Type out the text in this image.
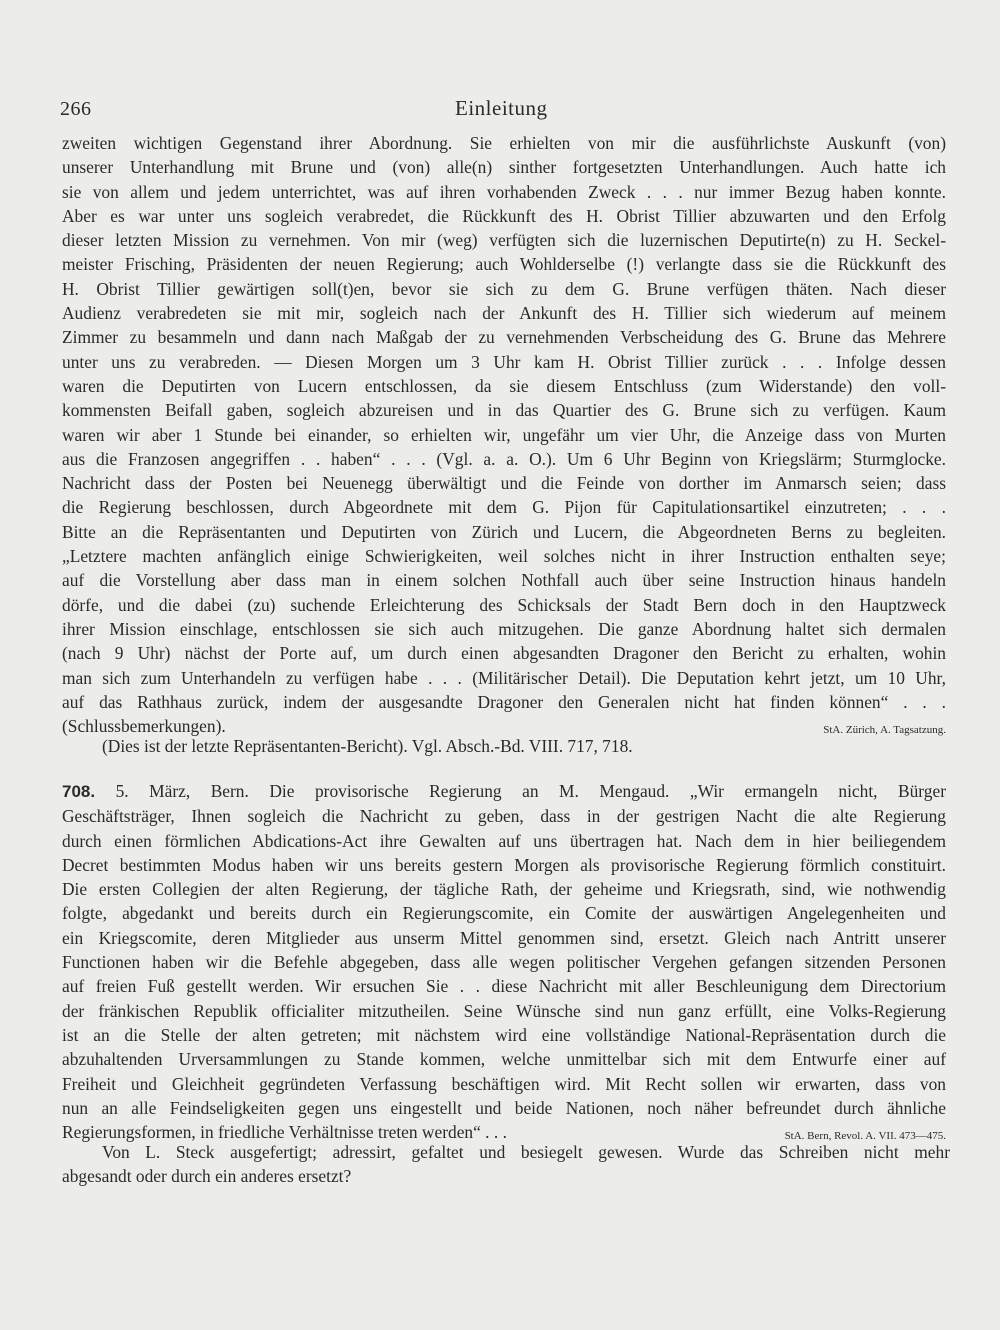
266	Einleitung
zweiten wichtigen Gegenstand ihrer Abordnung. Sie erhielten von mir die ausführlichste Auskunft (von)
unserer Unterhandlung mit Brune und (von) alle(n) sinther fortgesetzten Unterhandlungen. Auch hatte ich
sie von allem und jedem unterrichtet, was auf ihren vorhabenden Zweck . . . nur immer Bezug haben konnte.
Aber es war unter uns sogleich verabredet, die Rückkunft des H. Obrist Tillier abzuwarten und den Erfolg
dieser letzten Mission zu vernehmen. Von mir (weg) verfügten sich die luzernischen Deputirte(n) zu H. Seckel-
meister Frisching, Präsidenten der neuen Regierung; auch Wohlderselbe (!) verlangte dass sie die Rückkunft des
H. Obrist Tillier gewärtigen soll(t)en, bevor sie sich zu dem G. Brune verfügen thäten. Nach dieser
Audienz verabredeten sie mit mir, sogleich nach der Ankunft des H. Tillier sich wiederum auf meinem
Zimmer zu besammeln und dann nach Maßgab der zu vernehmenden Verbscheidung des G. Brune das Mehrere
unter uns zu verabreden. — Diesen Morgen um 3 Uhr kam H. Obrist Tillier zurück . . . Infolge dessen
waren die Deputirten von Lucern entschlossen, da sie diesem Entschluss (zum Widerstande) den voll-
kommensten Beifall gaben, sogleich abzureisen und in das Quartier des G. Brune sich zu verfügen. Kaum
waren wir aber 1 Stunde bei einander, so erhielten wir, ungefähr um vier Uhr, die Anzeige dass von Murten
aus die Franzosen angegriffen . . haben“ . . . (Vgl. a. a. O.). Um 6 Uhr Beginn von Kriegslärm; Sturmglocke.
Nachricht dass der Posten bei Neuenegg überwältigt und die Feinde von dorther im Anmarsch seien; dass
die Regierung beschlossen, durch Abgeordnete mit dem G. Pijon für Capitulationsartikel einzutreten; . . .
Bitte an die Repräsentanten und Deputirten von Zürich und Lucern, die Abgeordneten Berns zu begleiten.
„Letztere machten anfänglich einige Schwierigkeiten, weil solches nicht in ihrer Instruction enthalten seye;
auf die Vorstellung aber dass man in einem solchen Nothfall auch über seine Instruction hinaus handeln
dörfe, und die dabei (zu) suchende Erleichterung des Schicksals der Stadt Bern doch in den Hauptzweck
ihrer Mission einschlage, entschlossen sie sich auch mitzugehen. Die ganze Abordnung haltet sich dermalen
(nach 9 Uhr) nächst der Porte auf, um durch einen abgesandten Dragoner den Bericht zu erhalten, wohin
man sich zum Unterhandeln zu verfügen habe . . . (Militärischer Detail). Die Deputation kehrt jetzt, um 10 Uhr,
auf das Rathhaus zurück, indem der ausgesandte Dragoner den Generalen nicht hat finden können“ . . .
(Schlussbemerkungen).	StA. Zürich, A. Tagsatzung.
(Dies ist der letzte Repräsentanten-Bericht). Vgl. Absch.-Bd. VIII. 717, 718.
708. 5. März, Bern. Die provisorische Regierung an M. Mengaud. „Wir ermangeln nicht, Bürger
Geschäftsträger, Ihnen sogleich die Nachricht zu geben, dass in der gestrigen Nacht die alte Regierung
durch einen förmlichen Abdications-Act ihre Gewalten auf uns übertragen hat. Nach dem in hier beiliegendem
Decret bestimmten Modus haben wir uns bereits gestern Morgen als provisorische Regierung förmlich constituirt.
Die ersten Collegien der alten Regierung, der tägliche Rath, der geheime und Kriegsrath, sind, wie nothwendig
folgte, abgedankt und bereits durch ein Regierungscomite, ein Comite der auswärtigen Angelegenheiten und
ein Kriegscomite, deren Mitglieder aus unserm Mittel genommen sind, ersetzt. Gleich nach Antritt unserer
Functionen haben wir die Befehle abgegeben, dass alle wegen politischer Vergehen gefangen sitzenden Personen
auf freien Fuß gestellt werden. Wir ersuchen Sie . . diese Nachricht mit aller Beschleunigung dem Directorium
der fränkischen Republik officialiter mitzutheilen. Seine Wünsche sind nun ganz erfüllt, eine Volks-Regierung
ist an die Stelle der alten getreten; mit nächstem wird eine vollständige National-Repräsentation durch die
abzuhaltenden Urversammlungen zu Stande kommen, welche unmittelbar sich mit dem Entwurfe einer auf
Freiheit und Gleichheit gegründeten Verfassung beschäftigen wird. Mit Recht sollen wir erwarten, dass von
nun an alle Feindseligkeiten gegen uns eingestellt und beide Nationen, noch näher befreundet durch ähnliche
Regierungsformen, in friedliche Verhältnisse treten werden“ . . .	StA. Bern, Revol. A. VII. 473—475.
Von L. Steck ausgefertigt; adressirt, gefaltet und besiegelt gewesen. Wurde das Schreiben nicht mehr
abgesandt oder durch ein anderes ersetzt?
